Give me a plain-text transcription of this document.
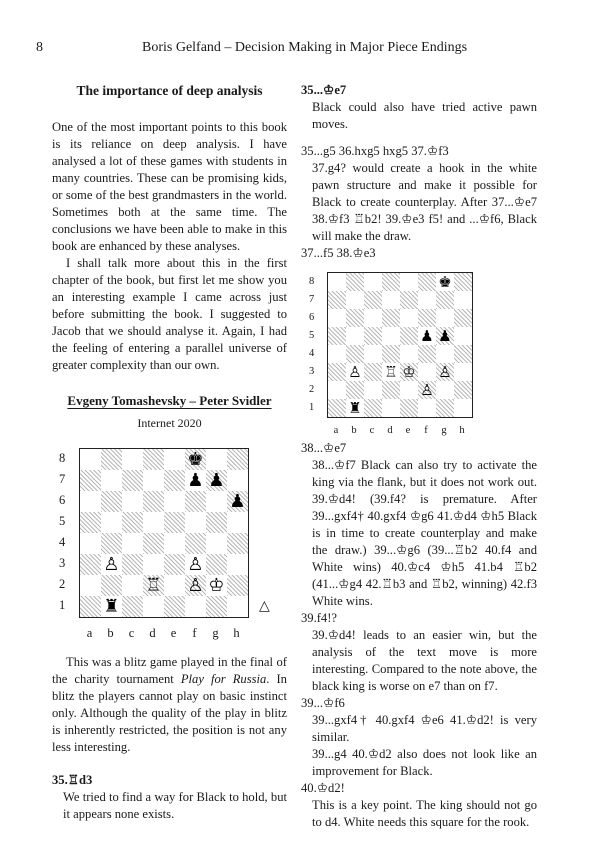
8	Boris Gelfand – Decision Making in Major Piece Endings
The importance of deep analysis

One of the most important points to this book is its reliance on deep analysis. I have analysed a lot of these games with students in many countries. These can be promising kids, or some of the best grandmasters in the world. Sometimes both at the same time. The conclusions we have been able to make in this book are enhanced by these analyses.

I shall talk more about this in the first chapter of the book, but first let me show you an interesting example I came across just before submitting the book. I suggested to Jacob that we should analyse it. Again, I had the feeling of entering a parallel universe of greater complexity than our own.

Evgeny Tomashevsky – Peter Svidler
Internet 2020
8
7
6
5
4
3
2
1
♚
♟ ♟
♟
♙	♙
♖ ♙ ♔
♜
a	b	c	d	e	f	g	h
△

This was a blitz game played in the final of the charity tournament Play for Russia. In blitz the players cannot play on basic instinct only. Although the quality of the play in blitz is inherently restricted, the position is not any less interesting.

35.♖d3

We tried to find a way for Black to hold, but it appears none exists.

35...♔e7

Black could also have tried active pawn moves.

35...g5 36.hxg5 hxg5 37.♔f3

37.g4? would create a hook in the white pawn structure and make it possible for Black to create counterplay. After 37...♔e7 38.♔f3 ♖b2! 39.♔e3 f5! and ...♔f6, Black will make the draw.

37...f5 38.♔e3

8
7
6
5
4
3
2
1
♚
♟ ♟
♙ ♖ ♔ ♙
♙
♜
a	b	c	d	e	f	g	h

38...♔e7

38...♔f7 Black can also try to activate the king via the flank, but it does not work out. 39.♔d4! (39.f4? is premature. After 39...gxf4† 40.gxf4 ♔g6 41.♔d4 ♔h5 Black is in time to create counterplay and make the draw.) 39...♔g6 (39...♖b2 40.f4 and White wins) 40.♔c4 ♔h5 41.b4 ♖b2 (41...♔g4 42.♖b3 and ♖b2, winning) 42.f3 White wins.

39.f4!?

39.♔d4! leads to an easier win, but the analysis of the text move is more interesting. Compared to the note above, the black king is worse on e7 than on f7.

39...♔f6

39...gxf4† 40.gxf4 ♔e6 41.♔d2! is very similar.

39...g4 40.♔d2 also does not look like an improvement for Black.

40.♔d2!

This is a key point. The king should not go to d4. White needs this square for the rook.
